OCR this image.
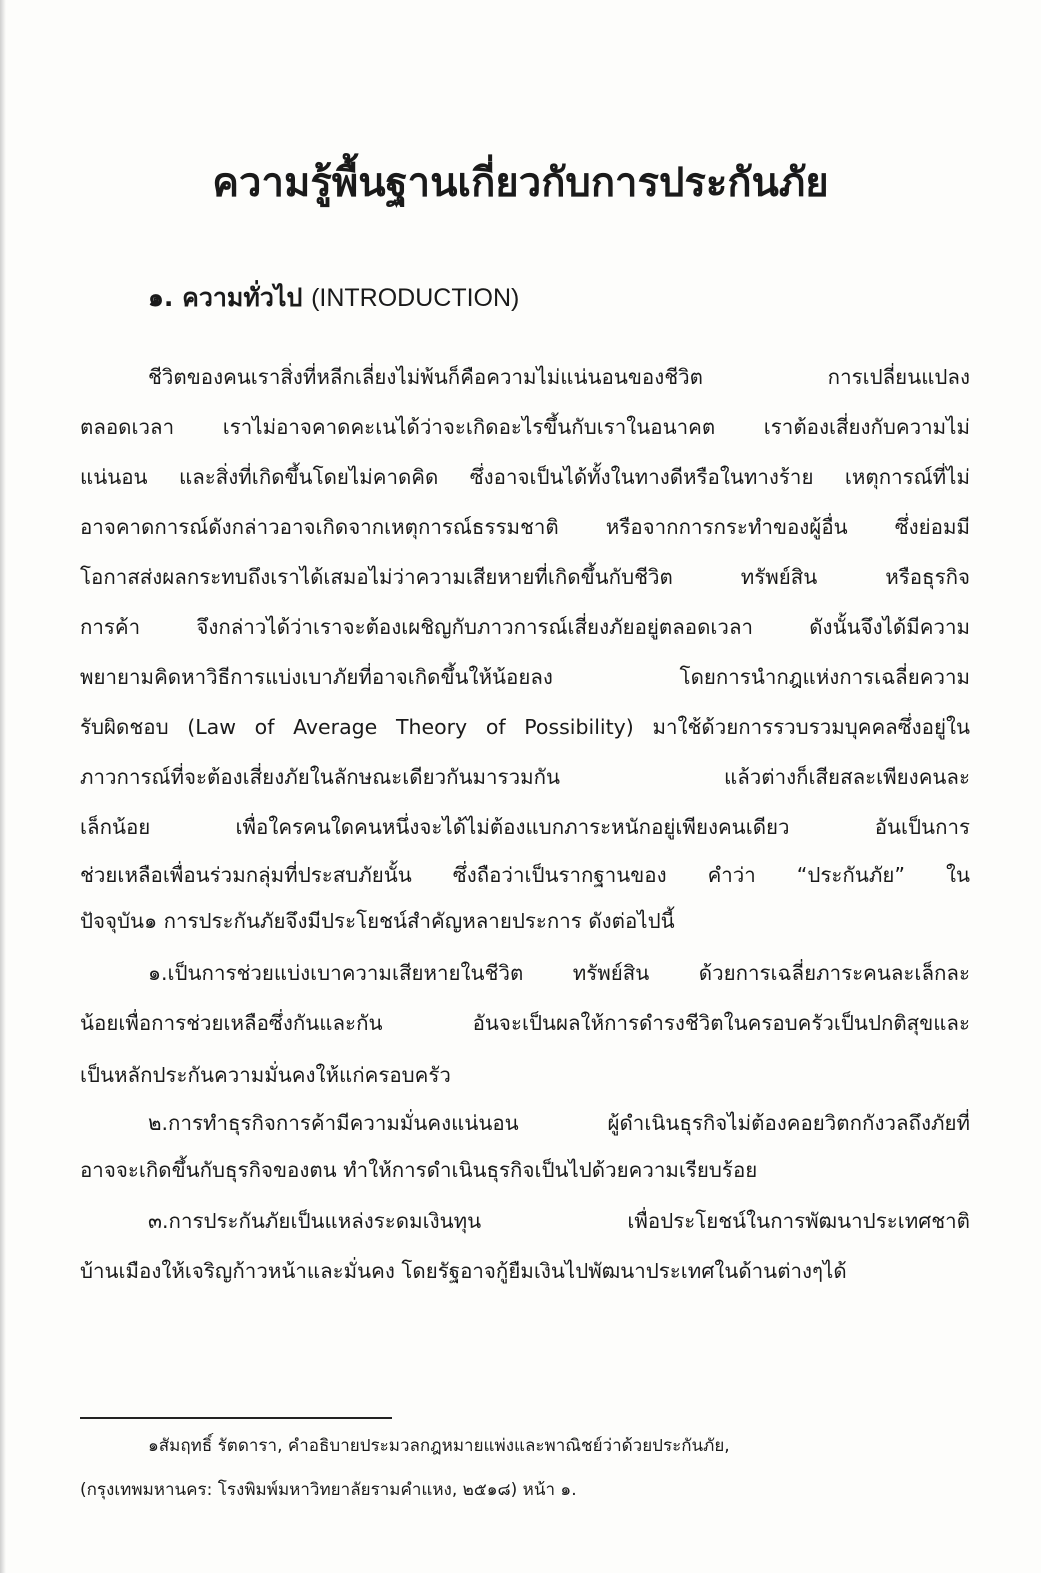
ความรู้พื้นฐานเกี่ยวกับการประกันภัย
๑. ความทั่วไป (INTRODUCTION)
ชีวิตของคนเราสิ่งที่หลีกเลี่ยงไม่พ้นก็คือความไม่แน่นอนของชีวิต การเปลี่ยนแปลง
ตลอดเวลา เราไม่อาจคาดคะเนได้ว่าจะเกิดอะไรขึ้นกับเราในอนาคต เราต้องเสี่ยงกับความไม่
แน่นอน และสิ่งที่เกิดขึ้นโดยไม่คาดคิด ซึ่งอาจเป็นได้ทั้งในทางดีหรือในทางร้าย เหตุการณ์ที่ไม่
อาจคาดการณ์ดังกล่าวอาจเกิดจากเหตุการณ์ธรรมชาติ หรือจากการกระทำของผู้อื่น ซึ่งย่อมมี
โอกาสส่งผลกระทบถึงเราได้เสมอไม่ว่าความเสียหายที่เกิดขึ้นกับชีวิต ทรัพย์สิน หรือธุรกิจ
การค้า จึงกล่าวได้ว่าเราจะต้องเผชิญกับภาวการณ์เสี่ยงภัยอยู่ตลอดเวลา ดังนั้นจึงได้มีความ
พยายามคิดหาวิธีการแบ่งเบาภัยที่อาจเกิดขึ้นให้น้อยลง โดยการนำกฎแห่งการเฉลี่ยความ
รับผิดชอบ (Law of Average Theory of Possibility) มาใช้ด้วยการรวบรวมบุคคลซึ่งอยู่ใน
ภาวการณ์ที่จะต้องเสี่ยงภัยในลักษณะเดียวกันมารวมกัน แล้วต่างก็เสียสละเพียงคนละ
เล็กน้อย เพื่อใครคนใดคนหนึ่งจะได้ไม่ต้องแบกภาระหนักอยู่เพียงคนเดียว อันเป็นการ
ช่วยเหลือเพื่อนร่วมกลุ่มที่ประสบภัยนั้น ซึ่งถือว่าเป็นรากฐานของ คำว่า “ประกันภัย” ใน
ปัจจุบัน๑ การประกันภัยจึงมีประโยชน์สำคัญหลายประการ ดังต่อไปนี้
๑.เป็นการช่วยแบ่งเบาความเสียหายในชีวิต ทรัพย์สิน ด้วยการเฉลี่ยภาระคนละเล็กละ
น้อยเพื่อการช่วยเหลือซึ่งกันและกัน อันจะเป็นผลให้การดำรงชีวิตในครอบครัวเป็นปกติสุขและ
เป็นหลักประกันความมั่นคงให้แก่ครอบครัว
๒.การทำธุรกิจการค้ามีความมั่นคงแน่นอน ผู้ดำเนินธุรกิจไม่ต้องคอยวิตกกังวลถึงภัยที่
อาจจะเกิดขึ้นกับธุรกิจของตน ทำให้การดำเนินธุรกิจเป็นไปด้วยความเรียบร้อย
๓.การประกันภัยเป็นแหล่งระดมเงินทุน เพื่อประโยชน์ในการพัฒนาประเทศชาติ
บ้านเมืองให้เจริญก้าวหน้าและมั่นคง โดยรัฐอาจกู้ยืมเงินไปพัฒนาประเทศในด้านต่างๆได้
๑สัมฤทธิ์ รัตดารา, คำอธิบายประมวลกฎหมายแพ่งและพาณิชย์ว่าด้วยประกันภัย,
(กรุงเทพมหานคร: โรงพิมพ์มหาวิทยาลัยรามคำแหง, ๒๕๑๘) หน้า ๑.
